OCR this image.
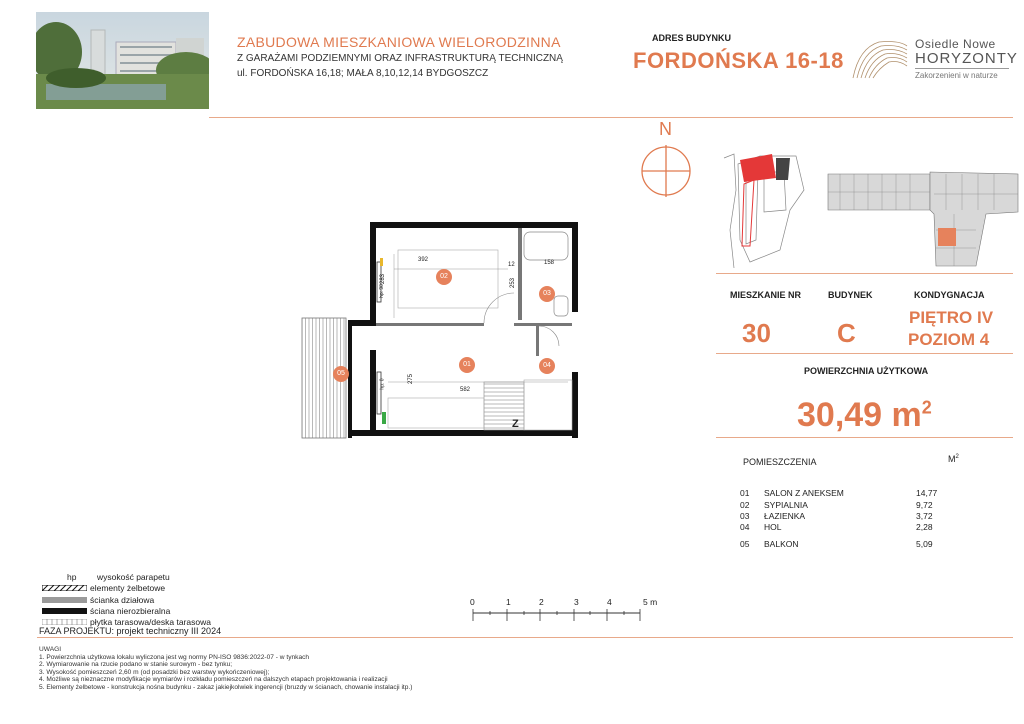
ZABUDOWA MIESZKANIOWA WIELORODZINNA
Z GARAŻAMI PODZIEMNYMI ORAZ INFRASTRUKTURĄ TECHNICZNĄ
ul. FORDOŃSKA 16,18; MAŁA 8,10,12,14 BYDGOSZCZ
ADRES BUDYNKU
FORDOŃSKA 16-18
Osiedle Nowe
HORYZONTY
Zakorzenieni w naturze
N
MIESZKANIE NR	BUDYNEK	KONDYGNACJA
30	C
PIĘTRO IV
POZIOM 4
POWIERZCHNIA UŻYTKOWA
30,49 $m^2$
POMIESZCZENIA	$M^2$
01 SALON Z ANEKSEM	14,77
02 SYPIALNIA	9,72
03 ŁAZIENKA	3,72
04 HOL	2,28
05 BALKON	5,09
392
283
158
12
253
582
275
hp: 90
hp: 0
Z
02
03
01	04
05
hp wysokość parapetu
elementy żelbetowe
ścianka działowa
ściana nierozbieralna
płytka tarasowa/deska tarasowa
FAZA PROJEKTU: projekt techniczny III 2024
0	1	2	3	4	5 m
UWAGI
1. Powierzchnia użytkowa lokalu wyliczona jest wg normy PN-ISO 9836:2022-07 - w tynkach
2. Wymiarowanie na rzucie podano w stanie surowym - bez tynku;
3. Wysokość pomieszczeń 2,60 m (od posadzki bez warstwy wykończeniowej);
4. Możliwe są nieznaczne modyfikacje wymiarów i rozkładu pomieszczeń na dalszych etapach projektowania i realizacji
5. Elementy żelbetowe - konstrukcja nośna budynku - zakaz jakiejkolwiek ingerencji (bruzdy w ścianach, chowanie instalacji itp.)
